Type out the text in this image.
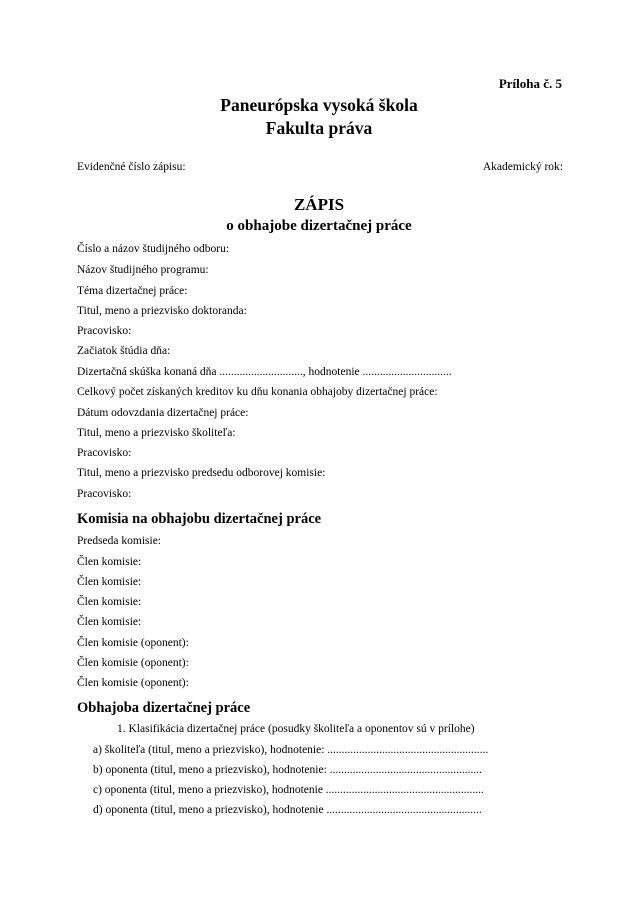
Príloha č. 5
Paneurópska vysoká škola
Fakulta práva
Evidenčné číslo zápisu:	Akademický rok:
ZÁPIS
o obhajobe dizertačnej práce
Číslo a názov študijného odboru:
Názov študijného programu:
Téma dizertačnej práce:
Titul, meno a priezvisko doktoranda:
Pracovisko:
Začiatok štúdia dňa:
Dizertačná skúška konaná dňa ............................., hodnotenie ...............................
Celkový počet získaných kreditov ku dňu konania obhajoby dizertačnej práce:
Dátum odovzdania dizertačnej práce:
Titul, meno a priezvisko školiteľa:
Pracovisko:
Titul, meno a priezvisko predsedu odborovej komisie:
Pracovisko:
Komisia na obhajobu dizertačnej práce
Predseda komisie:
Člen komisie:
Člen komisie:
Člen komisie:
Člen komisie:
Člen komisie (oponent):
Člen komisie (oponent):
Člen komisie (oponent):
Obhajoba dizertačnej práce
1. Klasifikácia dizertačnej práce (posudky školiteľa a oponentov sú v prílohe)
a) školiteľa (titul, meno a priezvisko), hodnotenie: ........................................................
b) oponenta (titul, meno a priezvisko), hodnotenie: .....................................................
c) oponenta (titul, meno a priezvisko), hodnotenie .......................................................
d) oponenta (titul, meno a priezvisko), hodnotenie ......................................................
